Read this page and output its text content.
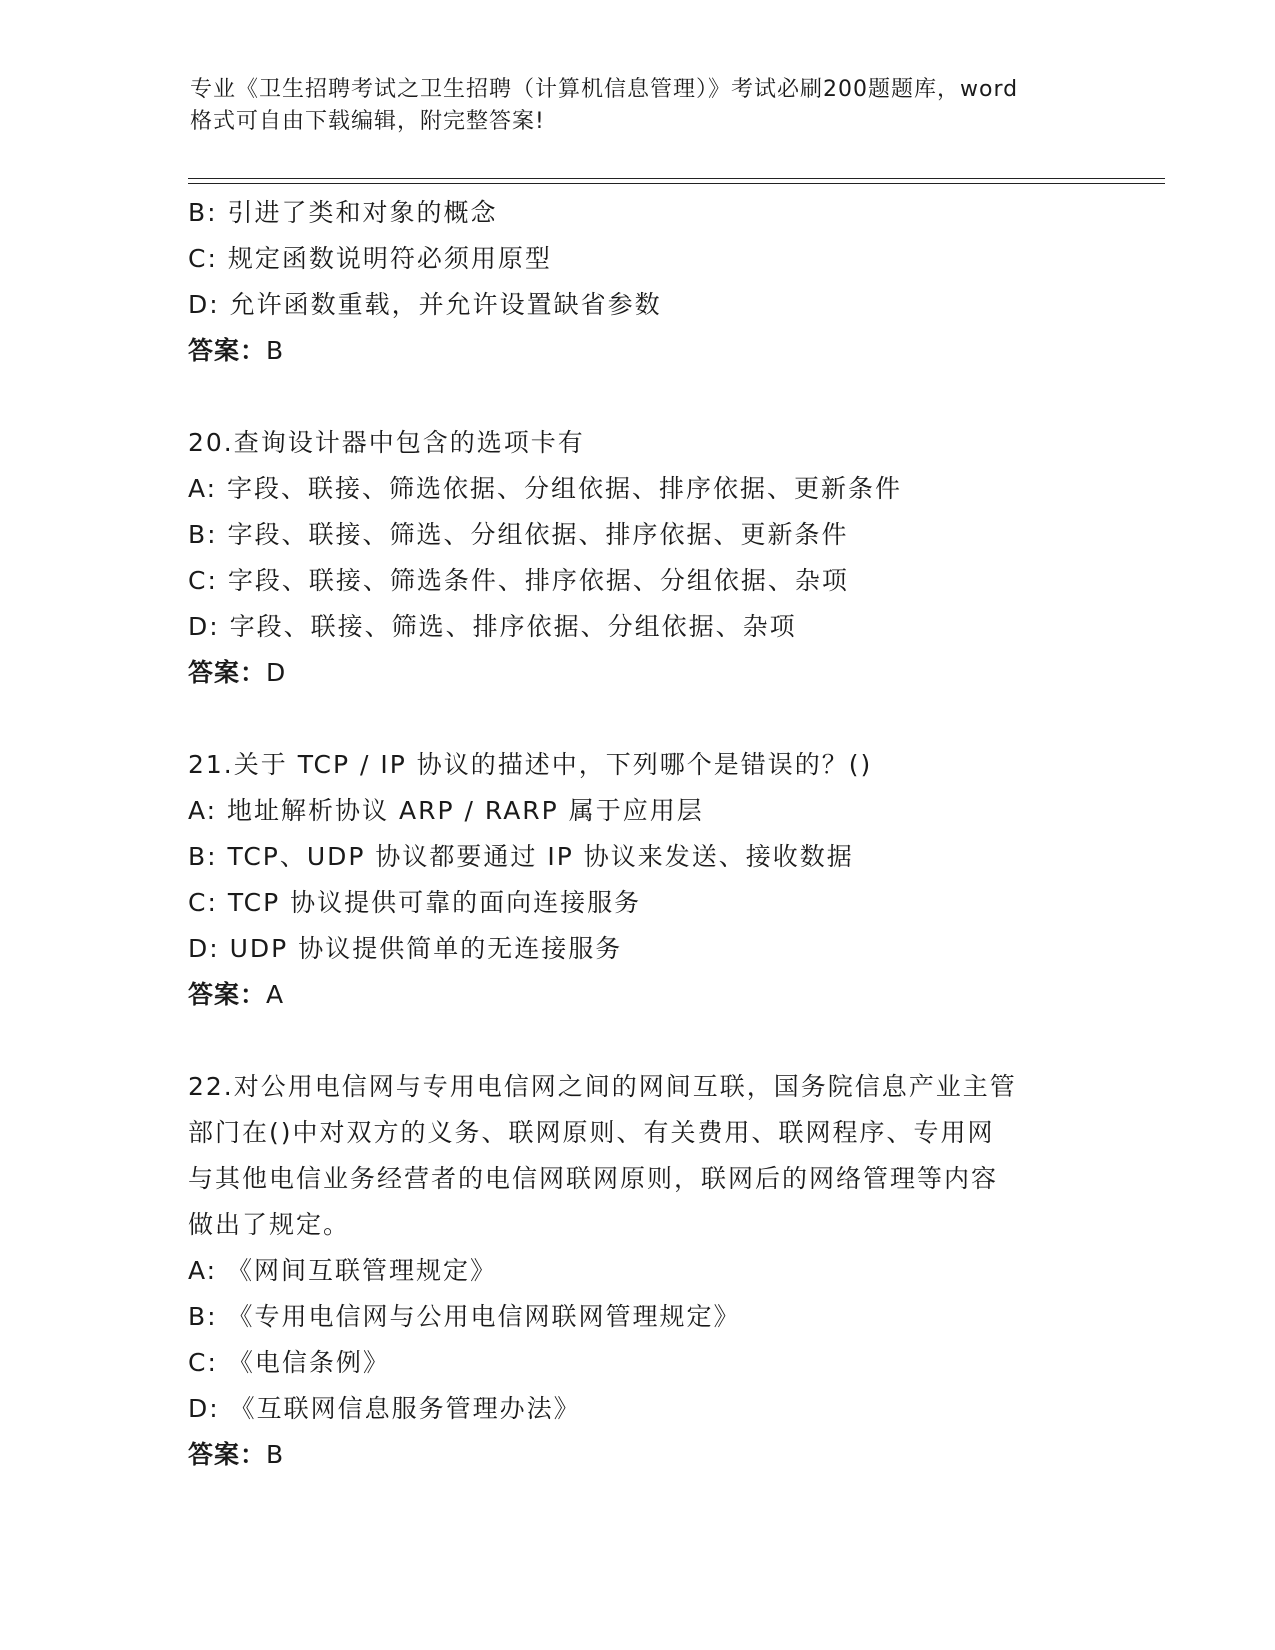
专业《卫生招聘考试之卫生招聘（计算机信息管理）》考试必刷200题题库，word
格式可自由下载编辑，附完整答案!
B: 引进了类和对象的概念
C: 规定函数说明符必须用原型
D: 允许函数重载，并允许设置缺省参数
答案：B
20.查询设计器中包含的选项卡有
A: 字段、联接、筛选依据、分组依据、排序依据、更新条件
B: 字段、联接、筛选、分组依据、排序依据、更新条件
C: 字段、联接、筛选条件、排序依据、分组依据、杂项
D: 字段、联接、筛选、排序依据、分组依据、杂项
答案：D
21.关于 TCP / IP 协议的描述中，下列哪个是错误的？()
A: 地址解析协议 ARP / RARP 属于应用层
B: TCP、UDP 协议都要通过 IP 协议来发送、接收数据
C: TCP 协议提供可靠的面向连接服务
D: UDP 协议提供简单的无连接服务
答案：A
22.对公用电信网与专用电信网之间的网间互联，国务院信息产业主管
部门在()中对双方的义务、联网原则、有关费用、联网程序、专用网
与其他电信业务经营者的电信网联网原则，联网后的网络管理等内容
做出了规定。
A: 《网间互联管理规定》
B: 《专用电信网与公用电信网联网管理规定》
C: 《电信条例》
D: 《互联网信息服务管理办法》
答案：B
